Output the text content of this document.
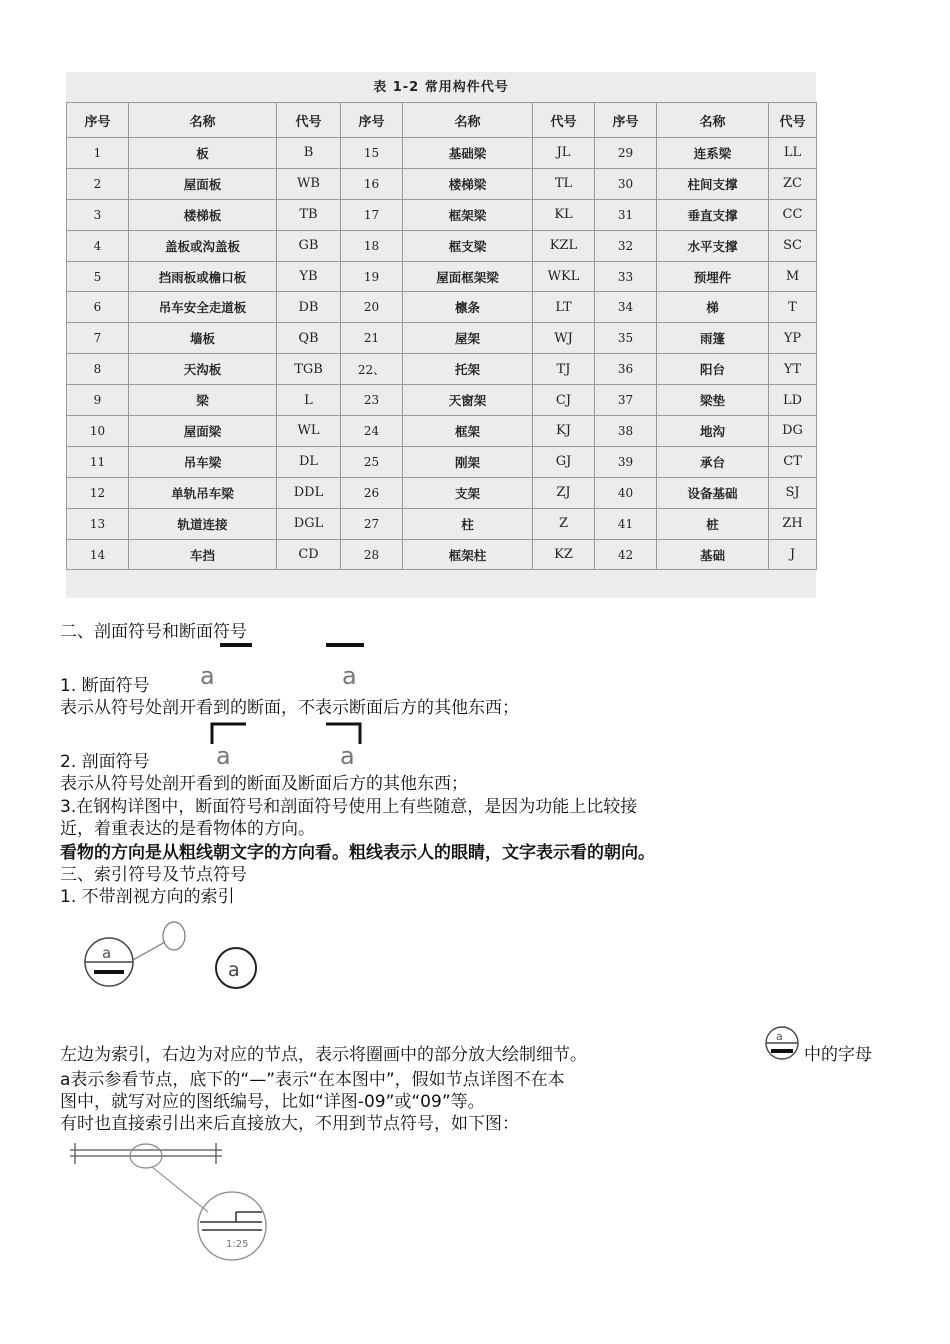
表 1-2 常用构件代号
序号	名称	代号	序号	名称	代号	序号	名称	代号
1	板	B	15	基础梁	JL	29	连系梁	LL
2	屋面板	WB	16	楼梯梁	TL	30	柱间支撑	ZC
3	楼梯板	TB	17	框架梁	KL	31	垂直支撑	CC
4	盖板或沟盖板	GB	18	框支梁	KZL	32	水平支撑	SC
5	挡雨板或檐口板	YB	19	屋面框架梁	WKL	33	预埋件	M
6	吊车安全走道板	DB	20	檩条	LT	34	梯	T
7	墙板	QB	21	屋架	WJ	35	雨篷	YP
8	天沟板	TGB	22、	托架	TJ	36	阳台	YT
9	梁	L	23	天窗架	CJ	37	梁垫	LD
10	屋面梁	WL	24	框架	KJ	38	地沟	DG
11	吊车梁	DL	25	刚架	GJ	39	承台	CT
12	单轨吊车梁	DDL	26	支架	ZJ	40	设备基础	SJ
13	轨道连接	DGL	27	柱	Z	41	桩	ZH
14	车挡	CD	28	框架柱	KZ	42	基础	J
二、剖面符号和断面符号
a	a
a	a
a
a
a
1:25
1. 断面符号
表示从符号处剖开看到的断面，不表示断面后方的其他东西；
2. 剖面符号
表示从符号处剖开看到的断面及断面后方的其他东西；
3.在钢构详图中，断面符号和剖面符号使用上有些随意，是因为功能上比较接
近，着重表达的是看物体的方向。
看物的方向是从粗线朝文字的方向看。粗线表示人的眼睛，文字表示看的朝向。
三、索引符号及节点符号
1. 不带剖视方向的索引
左边为索引，右边为对应的节点，表示将圈画中的部分放大绘制细节。	中的字母
a表示参看节点，底下的“—”表示“在本图中”，假如节点详图不在本
图中，就写对应的图纸编号，比如“详图-09”或“09”等。
有时也直接索引出来后直接放大，不用到节点符号，如下图：
